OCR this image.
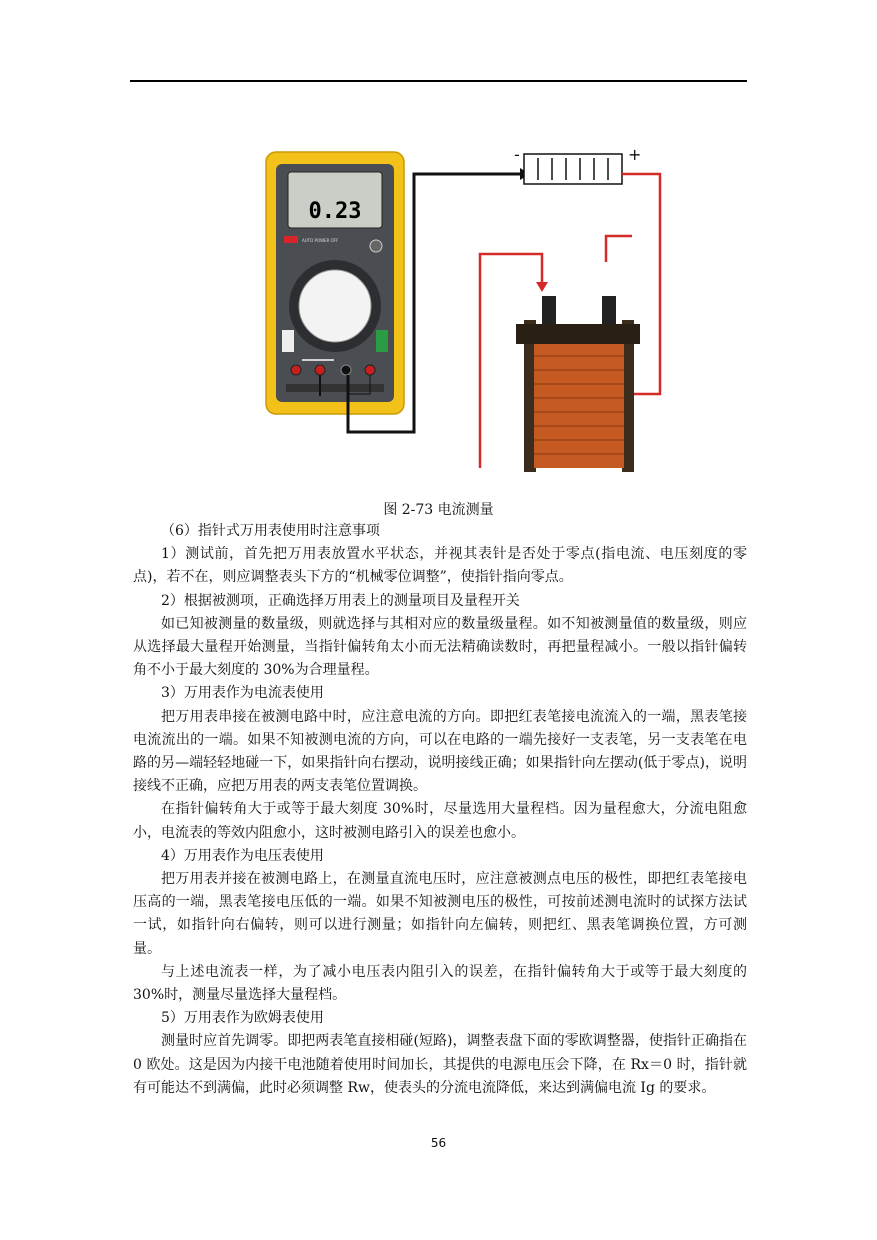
0.23
AUTO POWER OFF
-	+
图 2-73 电流测量

（6）指针式万用表使用时注意事项

1）测试前，首先把万用表放置水平状态，并视其表针是否处于零点(指电流、电压刻度的零点)，若不在，则应调整表头下方的“机械零位调整”，使指针指向零点。

2）根据被测项，正确选择万用表上的测量项目及量程开关

如已知被测量的数量级，则就选择与其相对应的数量级量程。如不知被测量值的数量级，则应从选择最大量程开始测量，当指针偏转角太小而无法精确读数时，再把量程减小。一般以指针偏转角不小于最大刻度的 30%为合理量程。

3）万用表作为电流表使用

把万用表串接在被测电路中时，应注意电流的方向。即把红表笔接电流流入的一端，黑表笔接电流流出的一端。如果不知被测电流的方向，可以在电路的一端先接好一支表笔，另一支表笔在电路的另—端轻轻地碰一下，如果指针向右摆动，说明接线正确；如果指针向左摆动(低于零点)，说明接线不正确，应把万用表的两支表笔位置调换。

在指针偏转角大于或等于最大刻度 30%时，尽量选用大量程档。因为量程愈大，分流电阻愈小，电流表的等效内阻愈小，这时被测电路引入的误差也愈小。

4）万用表作为电压表使用

把万用表并接在被测电路上，在测量直流电压时，应注意被测点电压的极性，即把红表笔接电压高的一端，黑表笔接电压低的一端。如果不知被测电压的极性，可按前述测电流时的试探方法试一试，如指针向右偏转，则可以进行测量；如指针向左偏转，则把红、黑表笔调换位置，方可测量。

与上述电流表一样，为了减小电压表内阻引入的误差，在指针偏转角大于或等于最大刻度的 30%时，测量尽量选择大量程档。

5）万用表作为欧姆表使用

测量时应首先调零。即把两表笔直接相碰(短路)，调整表盘下面的零欧调整器，使指针正确指在 0 欧处。这是因为内接干电池随着使用时间加长，其提供的电源电压会下降，在 Rx＝0 时，指针就有可能达不到满偏，此时必须调整 Rw，使表头的分流电流降低，来达到满偏电流 Ig 的要求。

56
